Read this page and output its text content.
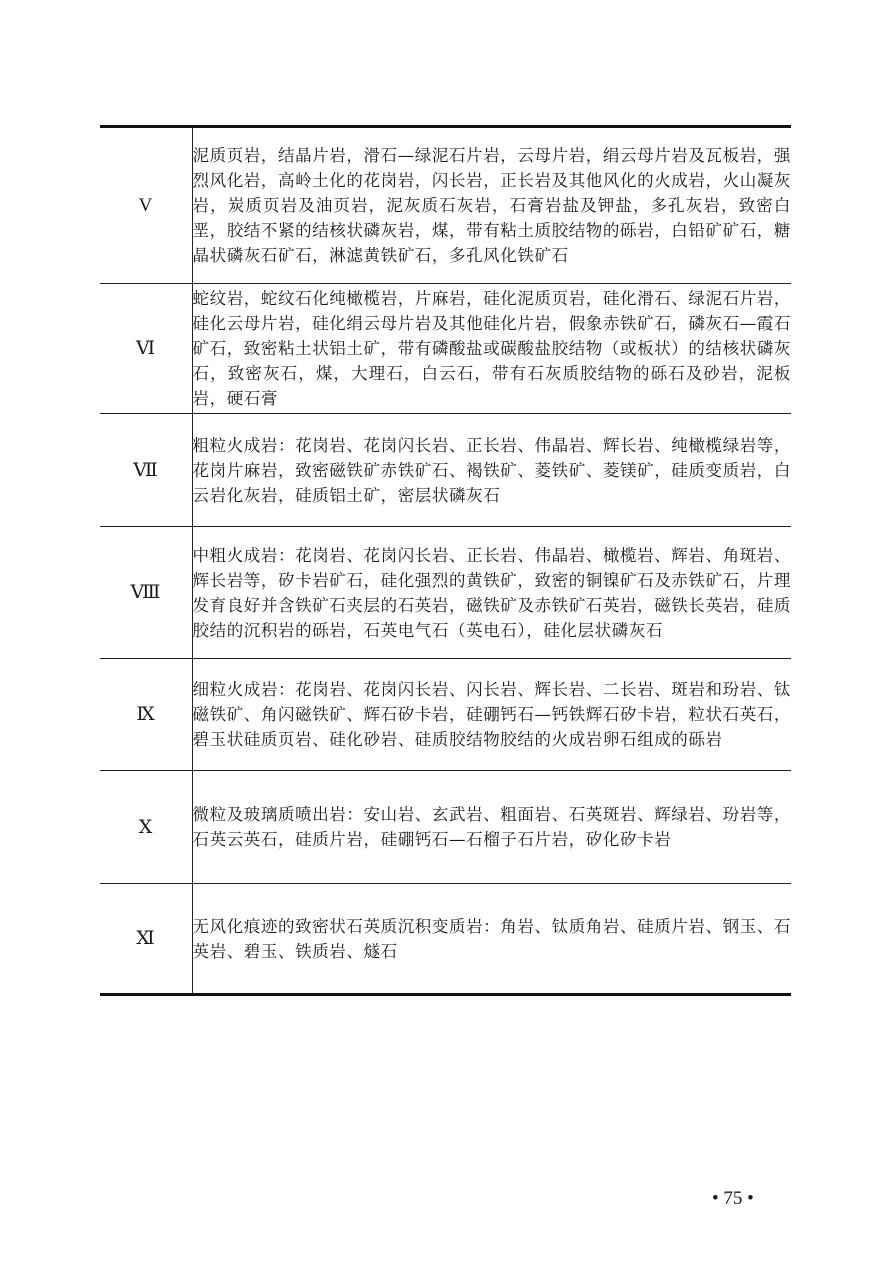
V	泥质页岩，结晶片岩，滑石—绿泥石片岩，云母片岩，绢云母片岩及瓦板岩，强烈风化岩，高岭土化的花岗岩，闪长岩，正长岩及其他风化的火成岩，火山凝灰岩，炭质页岩及油页岩，泥灰质石灰岩，石膏岩盐及钾盐，多孔灰岩，致密白垩，胶结不紧的结核状磷灰岩，煤，带有粘土质胶结物的砾岩，白铅矿矿石，糖晶状磷灰石矿石，淋滤黄铁矿石，多孔风化铁矿石
Ⅵ	蛇纹岩，蛇纹石化纯橄榄岩，片麻岩，硅化泥质页岩，硅化滑石、绿泥石片岩，硅化云母片岩，硅化绢云母片岩及其他硅化片岩，假象赤铁矿石，磷灰石—霞石矿石，致密粘土状铝土矿，带有磷酸盐或碳酸盐胶结物（或板状）的结核状磷灰石，致密灰石，煤，大理石，白云石，带有石灰质胶结物的砾石及砂岩，泥板岩，硬石膏
Ⅶ	粗粒火成岩：花岗岩、花岗闪长岩、正长岩、伟晶岩、辉长岩、纯橄榄绿岩等，花岗片麻岩，致密磁铁矿赤铁矿石、褐铁矿、菱铁矿、菱镁矿，硅质变质岩，白云岩化灰岩，硅质铝土矿，密层状磷灰石
Ⅷ	中粗火成岩：花岗岩、花岗闪长岩、正长岩、伟晶岩、橄榄岩、辉岩、角斑岩、辉长岩等，矽卡岩矿石，硅化强烈的黄铁矿，致密的铜镍矿石及赤铁矿石，片理发育良好并含铁矿石夹层的石英岩，磁铁矿及赤铁矿石英岩，磁铁长英岩，硅质胶结的沉积岩的砾岩，石英电气石（英电石），硅化层状磷灰石
Ⅸ	细粒火成岩：花岗岩、花岗闪长岩、闪长岩、辉长岩、二长岩、斑岩和玢岩、钛磁铁矿、角闪磁铁矿、辉石矽卡岩，硅硼钙石—钙铁辉石矽卡岩，粒状石英石，碧玉状硅质页岩、硅化砂岩、硅质胶结物胶结的火成岩卵石组成的砾岩
Ⅹ	微粒及玻璃质喷出岩：安山岩、玄武岩、粗面岩、石英斑岩、辉绿岩、玢岩等，石英云英石，硅质片岩，硅硼钙石—石榴子石片岩，矽化矽卡岩
Ⅺ	无风化痕迹的致密状石英质沉积变质岩：角岩、钛质角岩、硅质片岩、钢玉、石英岩、碧玉、铁质岩、燧石
• 75 •
